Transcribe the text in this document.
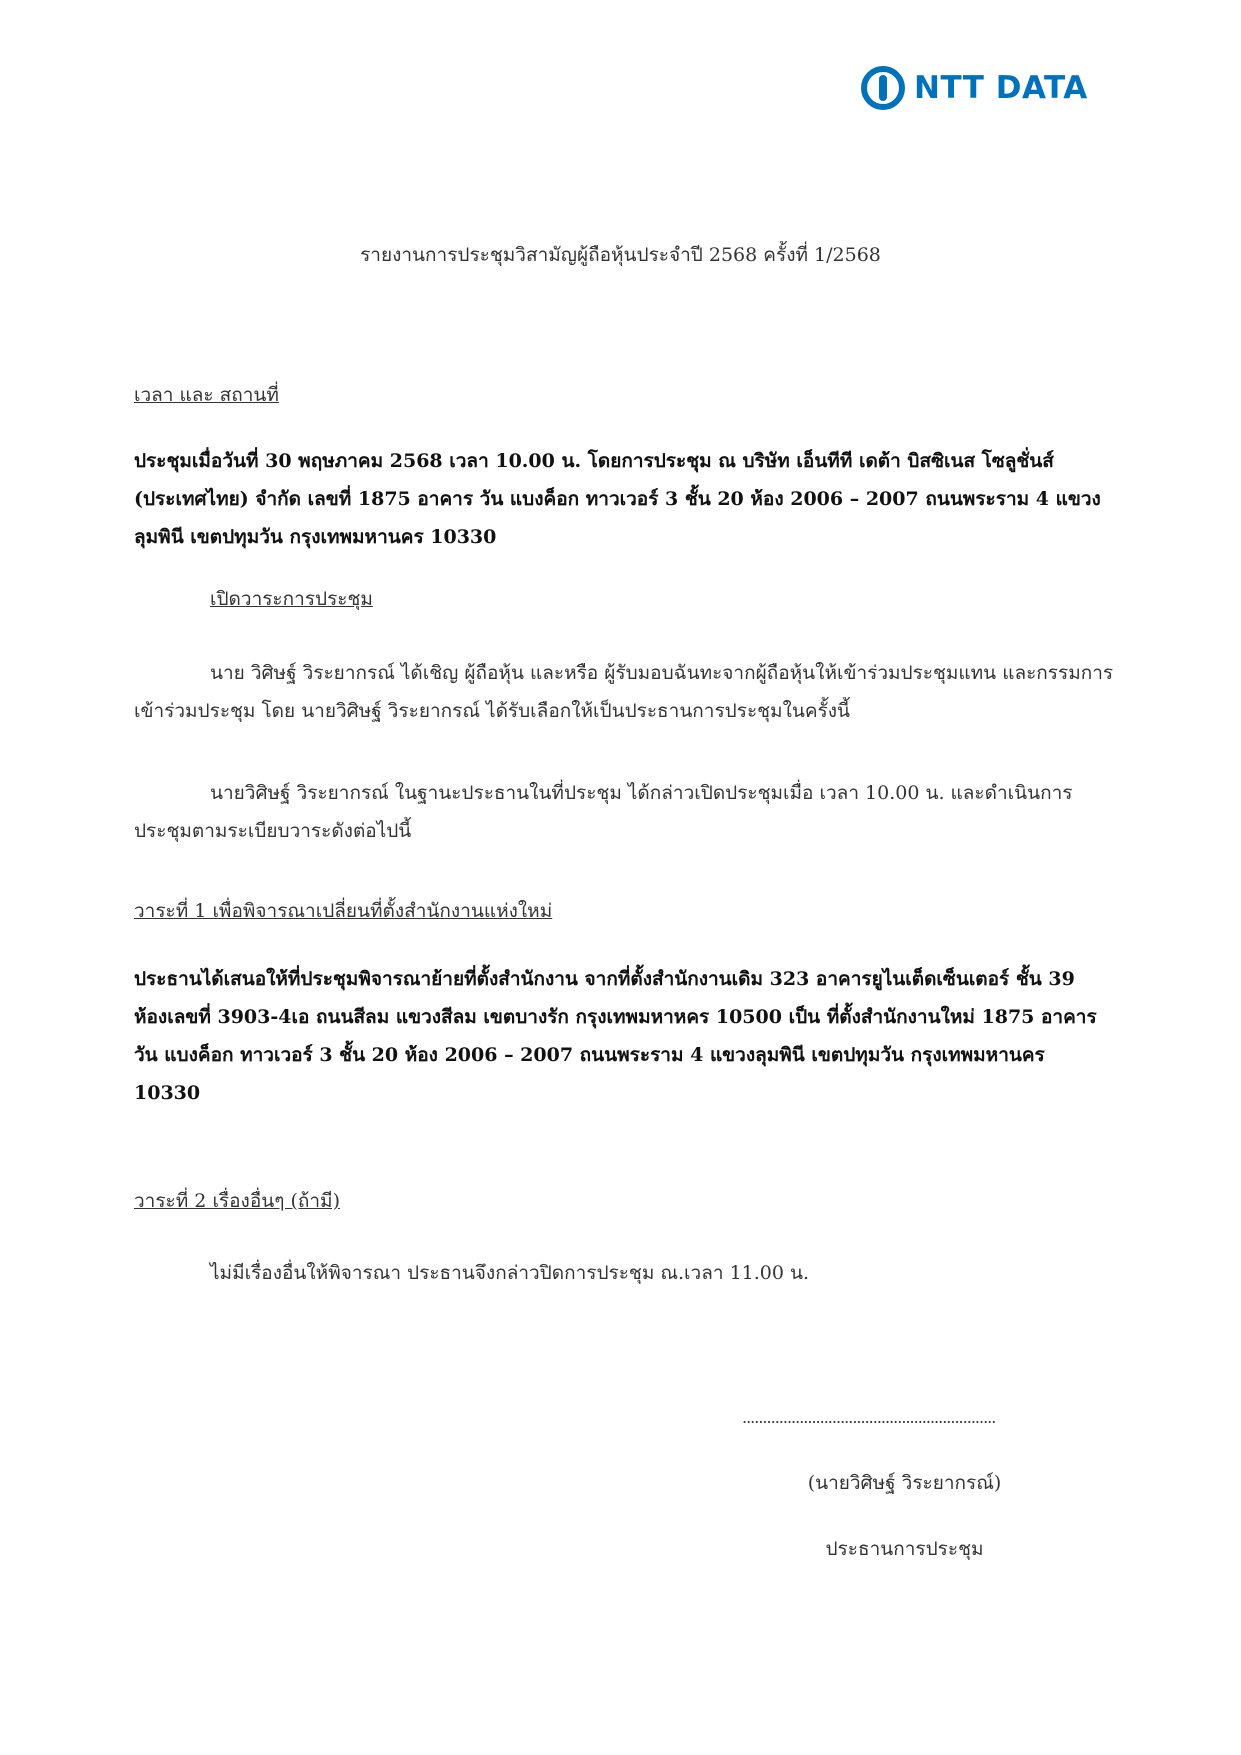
NTT DATA
รายงานการประชุมวิสามัญผู้ถือหุ้นประจำปี 2568 ครั้งที่ 1/2568
เวลา และ สถานที่
ประชุมเมื่อวันที่ 30 พฤษภาคม 2568 เวลา 10.00 น. โดยการประชุม ณ บริษัท เอ็นทีที เดต้า บิสซิเนส โซลูชั่นส์ (ประเทศไทย) จำกัด เลขที่ 1875 อาคาร วัน แบงค็อก ทาวเวอร์ 3 ชั้น 20 ห้อง 2006 – 2007 ถนนพระราม 4 แขวงลุมพินี เขตปทุมวัน กรุงเทพมหานคร 10330
เปิดวาระการประชุม
นาย วิศิษฐ์ วิระยากรณ์ ได้เชิญ ผู้ถือหุ้น และหรือ ผู้รับมอบฉันทะจากผู้ถือหุ้นให้เข้าร่วมประชุมแทน และกรรมการเข้าร่วมประชุม โดย นายวิศิษฐ์ วิระยากรณ์ ได้รับเลือกให้เป็นประธานการประชุมในครั้งนี้
นายวิศิษฐ์ วิระยากรณ์ ในฐานะประธานในที่ประชุม ได้กล่าวเปิดประชุมเมื่อ เวลา 10.00 น. และดำเนินการประชุมตามระเบียบวาระดังต่อไปนี้
วาระที่ 1 เพื่อพิจารณาเปลี่ยนที่ตั้งสำนักงานแห่งใหม่
ประธานได้เสนอให้ที่ประชุมพิจารณาย้ายที่ตั้งสำนักงาน จากที่ตั้งสำนักงานเดิม 323 อาคารยูไนเต็ดเซ็นเตอร์ ชั้น 39 ห้องเลขที่ 3903-4เอ ถนนสีลม แขวงสีลม เขตบางรัก กรุงเทพมหาหคร 10500 เป็น ที่ตั้งสำนักงานใหม่ 1875 อาคาร วัน แบงค็อก ทาวเวอร์ 3 ชั้น 20 ห้อง 2006 – 2007 ถนนพระราม 4 แขวงลุมพินี เขตปทุมวัน กรุงเทพมหานคร 10330
วาระที่ 2 เรื่องอื่นๆ (ถ้ามี)
ไม่มีเรื่องอื่นให้พิจารณา ประธานจึงกล่าวปิดการประชุม ณ.เวลา 11.00 น.
..............................................................
(นายวิศิษฐ์ วิระยากรณ์)
ประธานการประชุม
